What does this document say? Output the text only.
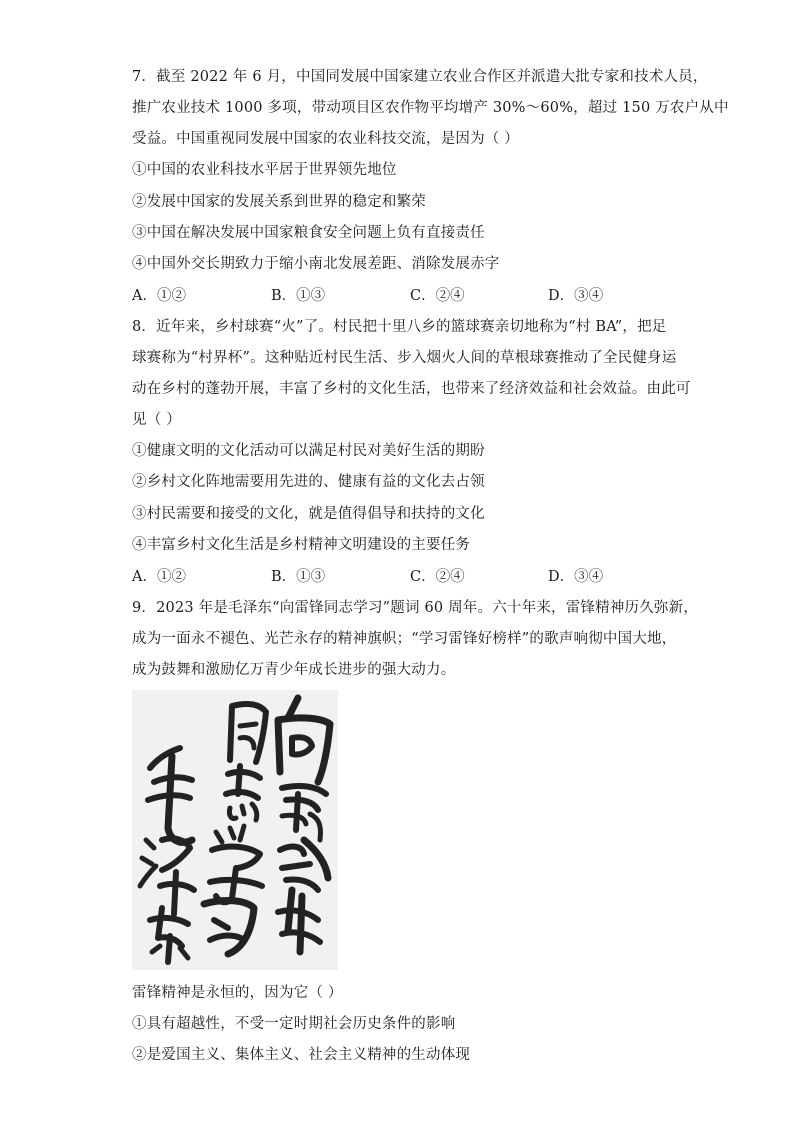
7．截至 2022 年 6 月，中国同发展中国家建立农业合作区并派遣大批专家和技术人员，
推广农业技术 1000 多项，带动项目区农作物平均增产 30%～60%，超过 150 万农户从中
受益。中国重视同发展中国家的农业科技交流，是因为（ ）
①中国的农业科技水平居于世界领先地位
②发展中国家的发展关系到世界的稳定和繁荣
③中国在解决发展中国家粮食安全问题上负有直接责任
④中国外交长期致力于缩小南北发展差距、消除发展赤字
A．①②	B．①③	C．②④	D．③④
8．近年来，乡村球赛“火”了。村民把十里八乡的篮球赛亲切地称为“村 BA”，把足
球赛称为“村界杯”。这种贴近村民生活、步入烟火人间的草根球赛推动了全民健身运
动在乡村的蓬勃开展，丰富了乡村的文化生活，也带来了经济效益和社会效益。由此可
见（ ）
①健康文明的文化活动可以满足村民对美好生活的期盼
②乡村文化阵地需要用先进的、健康有益的文化去占领
③村民需要和接受的文化，就是值得倡导和扶持的文化
④丰富乡村文化生活是乡村精神文明建设的主要任务
A．①②	B．①③	C．②④	D．③④
9．2023 年是毛泽东“向雷锋同志学习”题词 60 周年。六十年来，雷锋精神历久弥新，
成为一面永不褪色、光芒永存的精神旗帜；“学习雷锋好榜样”的歌声响彻中国大地，
成为鼓舞和激励亿万青少年成长进步的强大动力。
雷锋精神是永恒的，因为它（ ）
①具有超越性，不受一定时期社会历史条件的影响
②是爱国主义、集体主义、社会主义精神的生动体现
